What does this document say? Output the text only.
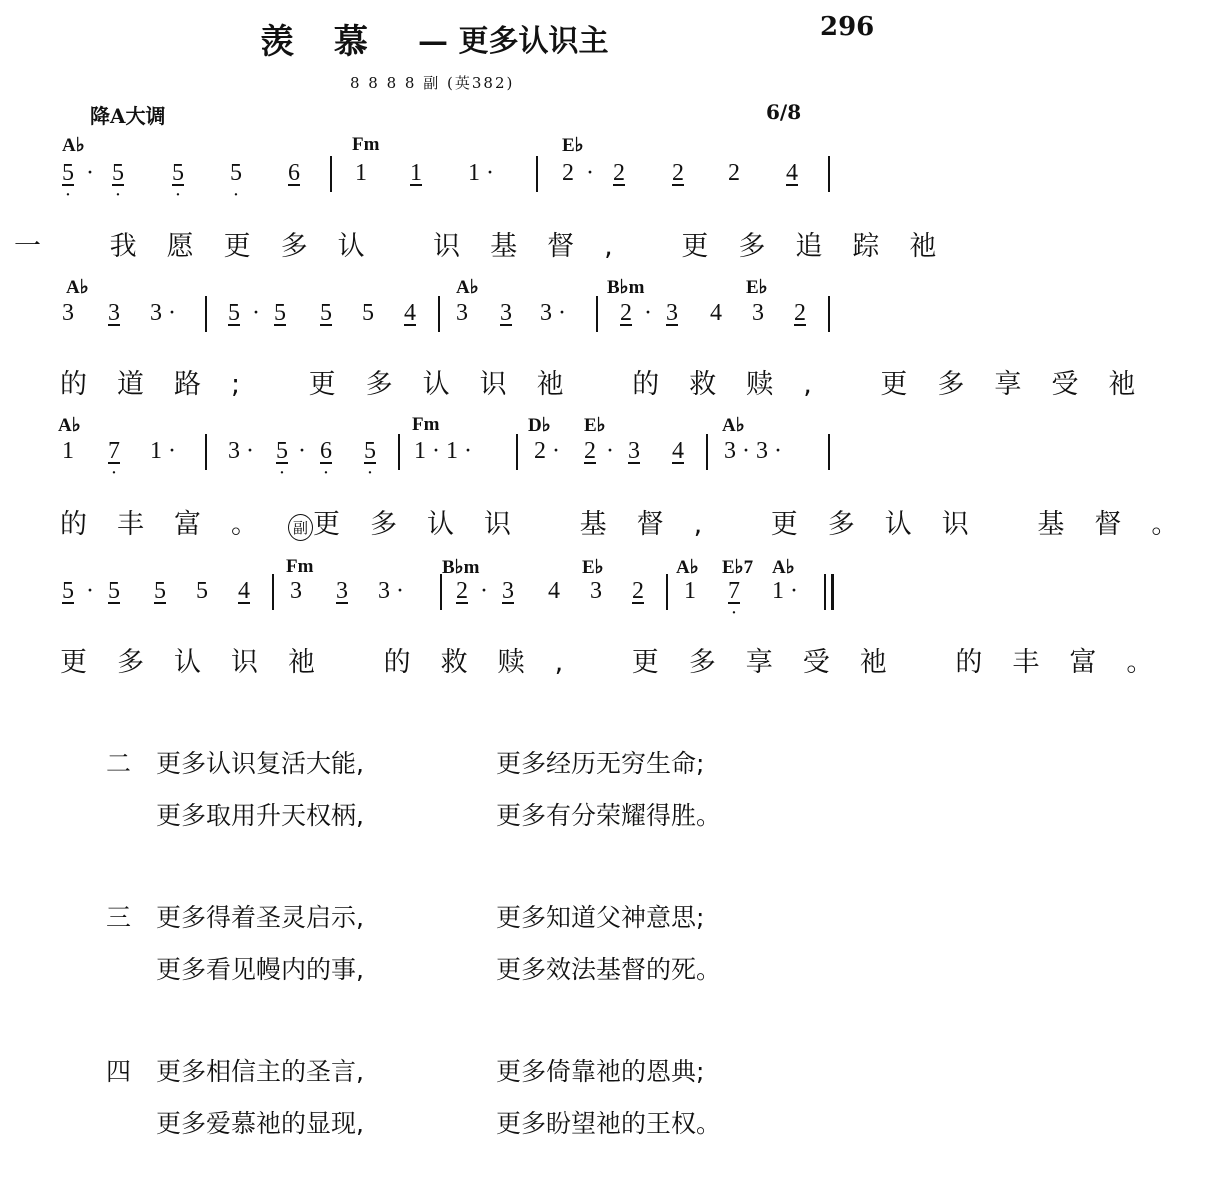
羡 慕 — 更多认识主	296
8 8 8 8 副 (英382)
降A大调	6/8
A♭	Fm	E♭
5 · · 5 · 5 · 5 · 6 1 1 1 ·	2 · 2 2 2 4
一 我愿更多认 识基督, 更多追踪祂
A♭	A♭	B♭m	E♭
3 3 3 · 5 · 5 5 5 4 3 3 3 · 2 · 3 4 3 2
的道路; 更多认识祂 的救赎, 更多享受祂
A♭	Fm	D♭ E♭	A♭
1 7 · 1 · 3 · 5 · · 6 · 5 · 1 · 1 ·	2 · 2 · 3 4 3 · 3 ·
的丰富。 副 更多认识 基督, 更多认识 基督。
Fm	B♭m	E♭	A♭ E♭7 A♭
5 · 5 5 5 4 3 3 3 · 2 · 3 4 3 2 1 7 · 1 ·
更多认识祂 的救赎, 更多享受祂 的丰富。
二 更多认识复活大能,	更多经历无穷生命;
更多取用升天权柄,	更多有分荣耀得胜。
三 更多得着圣灵启示,	更多知道父神意思;
更多看见幔内的事,	更多效法基督的死。
四 更多相信主的圣言,	更多倚靠祂的恩典;
更多爱慕祂的显现,	更多盼望祂的王权。
